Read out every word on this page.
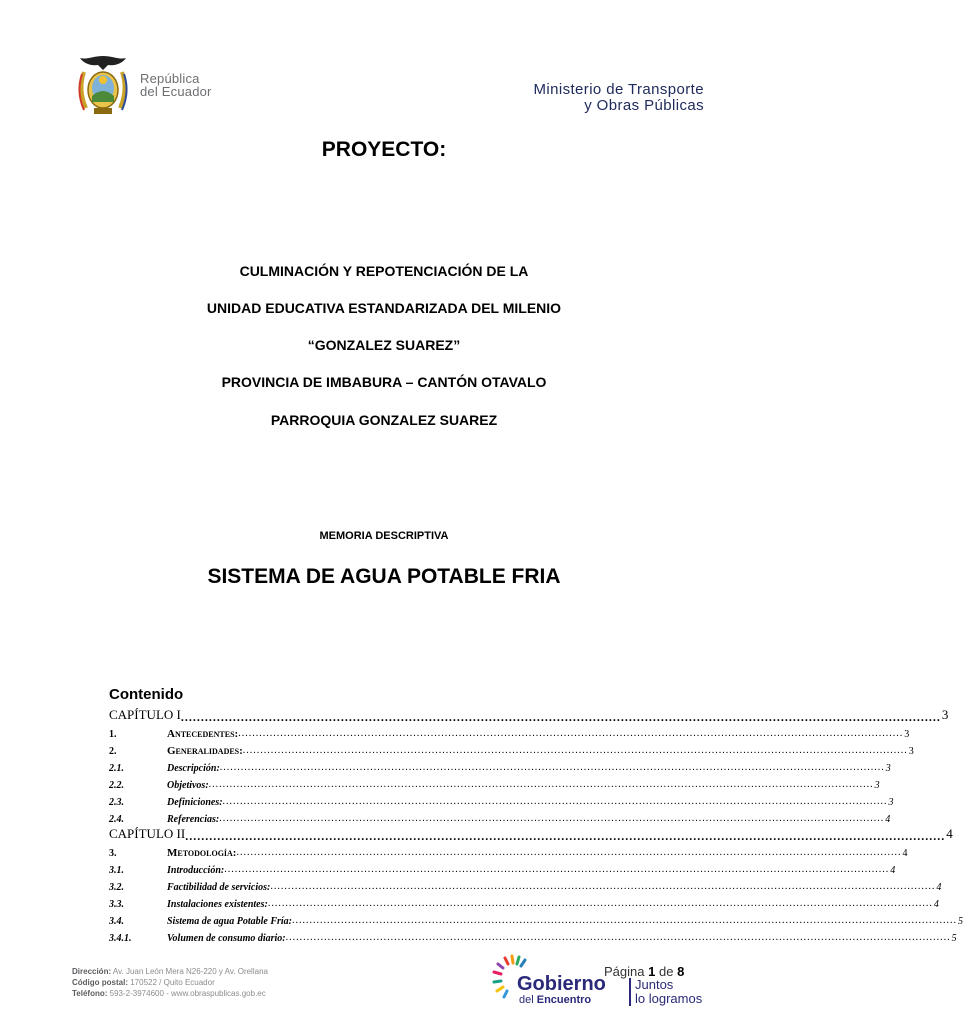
República
del Ecuador	Ministerio de Transporte
y Obras Públicas
PROYECTO:
CULMINACIÓN Y REPOTENCIACIÓN DE LA
UNIDAD EDUCATIVA ESTANDARIZADA DEL MILENIO
“GONZALEZ SUAREZ”
PROVINCIA DE IMBABURA – CANTÓN OTAVALO
PARROQUIA GONZALEZ SUAREZ
MEMORIA DESCRIPTIVA
SISTEMA DE AGUA POTABLE FRIA
Contenido
CAPÍTULO I .............................................................................................................................................................................................. 3
1.	Antecedentes: .............................................................................................................................................................................................. 3
2.	Generalidades: .............................................................................................................................................................................................. 3
2.1.	Descripción: .............................................................................................................................................................................................. 3
2.2.	Objetivos: .............................................................................................................................................................................................. 3
2.3.	Definiciones: .............................................................................................................................................................................................. 3
2.4.	Referencias: .............................................................................................................................................................................................. 4
CAPÍTULO II .............................................................................................................................................................................................. 4
3.	Metodología: .............................................................................................................................................................................................. 4
3.1.	Introducción: .............................................................................................................................................................................................. 4
3.2.	Factibilidad de servicios: .............................................................................................................................................................................................. 4
3.3.	Instalaciones existentes: .............................................................................................................................................................................................. 4
3.4.	Sistema de agua Potable Fría: .............................................................................................................................................................................................. 5
3.4.1.	Volumen de consumo diario: .............................................................................................................................................................................................. 5
Dirección: Av. Juan León Mera N26-220 y Av. Orellana
Código postal: 170522 / Quito Ecuador
Teléfono: 593-2-3974600 - www.obraspublicas.gob.ec
Página 1 de 8
Gobierno
del Encuentro
Juntos
lo logramos
